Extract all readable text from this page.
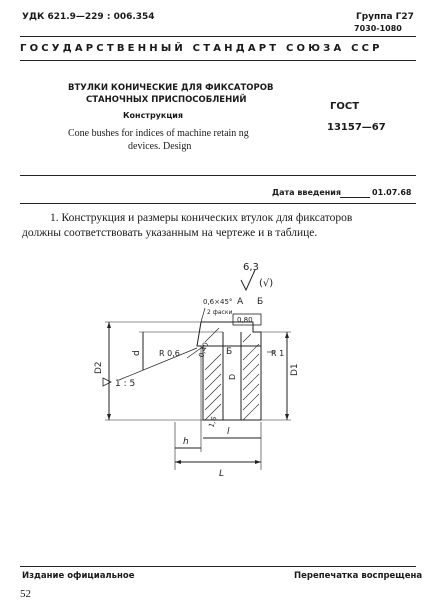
УДК 621.9—229 : 006.354	Группа Г27
7030-1080
ГОСУДАРСТВЕННЫЙ СТАНДАРТ СОЮЗА ССР
ВТУЛКИ КОНИЧЕСКИЕ ДЛЯ ФИКСАТОРОВ
СТАНОЧНЫХ ПРИСПОСОБЛЕНИЙ
Конструкция
Cone bushes for indices of machine retain ng
devices. Design
ГОСТ
13157—67
Дата введения	01.07.68
1. Конструкция и размеры конических втулок для фиксаторов
должны соответствовать указанным на чертеже и в таблице.
6,3
(√)
0,6×45°
2 фаски
А Б
0,80
D2
d R 0,6	0,40 Б
D
R 1
D1
1 : 5
1,6
h
l
L
Издание официальное	Перепечатка воспрещена
52
